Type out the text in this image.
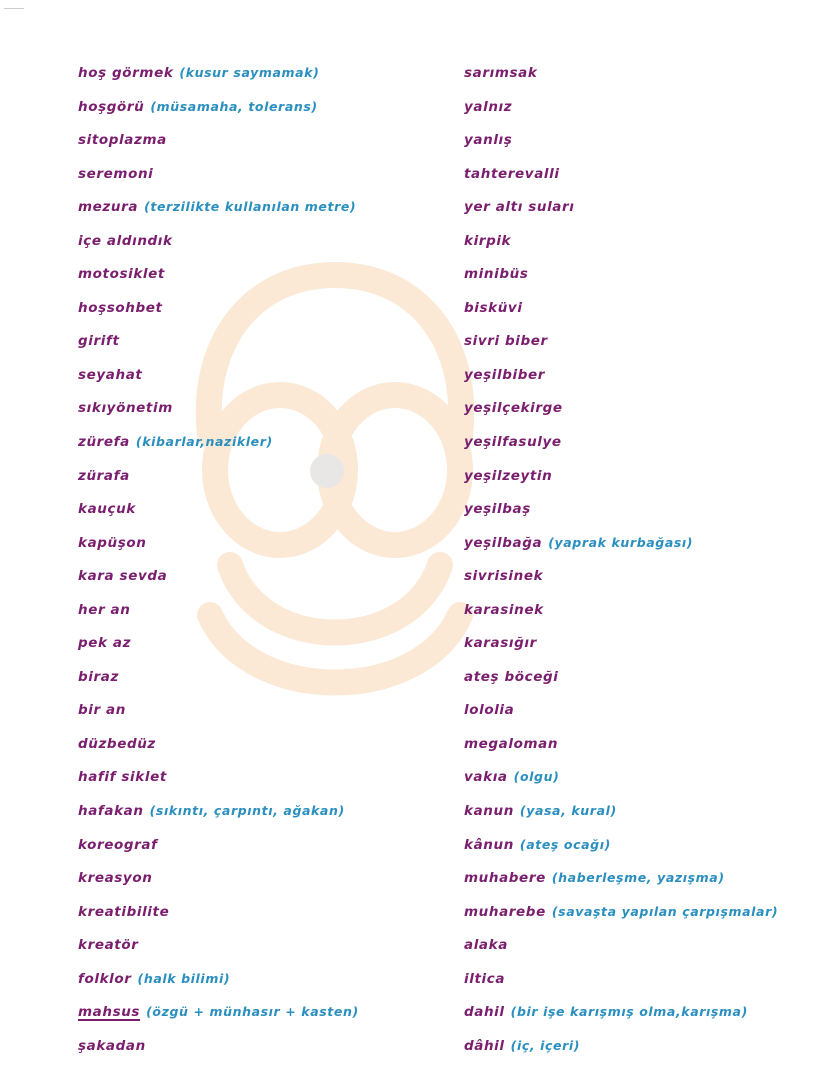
hoş görmek (kusur saymamak)
hoşgörü (müsamaha, tolerans)
sitoplazma
seremoni
mezura (terzilikte kullanılan metre)
içe aldındık
motosiklet
hoşsohbet
girift
seyahat
sıkıyönetim
zürefa (kibarlar,nazikler)
zürafa
kauçuk
kapüşon
kara sevda
her an
pek az
biraz
bir an
düzbedüz
hafif siklet
hafakan (sıkıntı, çarpıntı, ağakan)
koreograf
kreasyon
kreatibilite
kreatör
folklor (halk bilimi)
mahsus (özgü + münhasır + kasten)
şakadan
sarımsak
yalnız
yanlış
tahterevalli
yer altı suları
kirpik
minibüs
bisküvi
sivri biber
yeşilbiber
yeşilçekirge
yeşilfasulye
yeşilzeytin
yeşilbaş
yeşilbağa (yaprak kurbağası)
sivrisinek
karasinek
karasığır
ateş böceği
lololia
megaloman
vakıa (olgu)
kanun (yasa, kural)
kânun (ateş ocağı)
muhabere (haberleşme, yazışma)
muharebe (savaşta yapılan çarpışmalar)
alaka
iltica
dahil (bir işe karışmış olma,karışma)
dâhil (iç, içeri)
